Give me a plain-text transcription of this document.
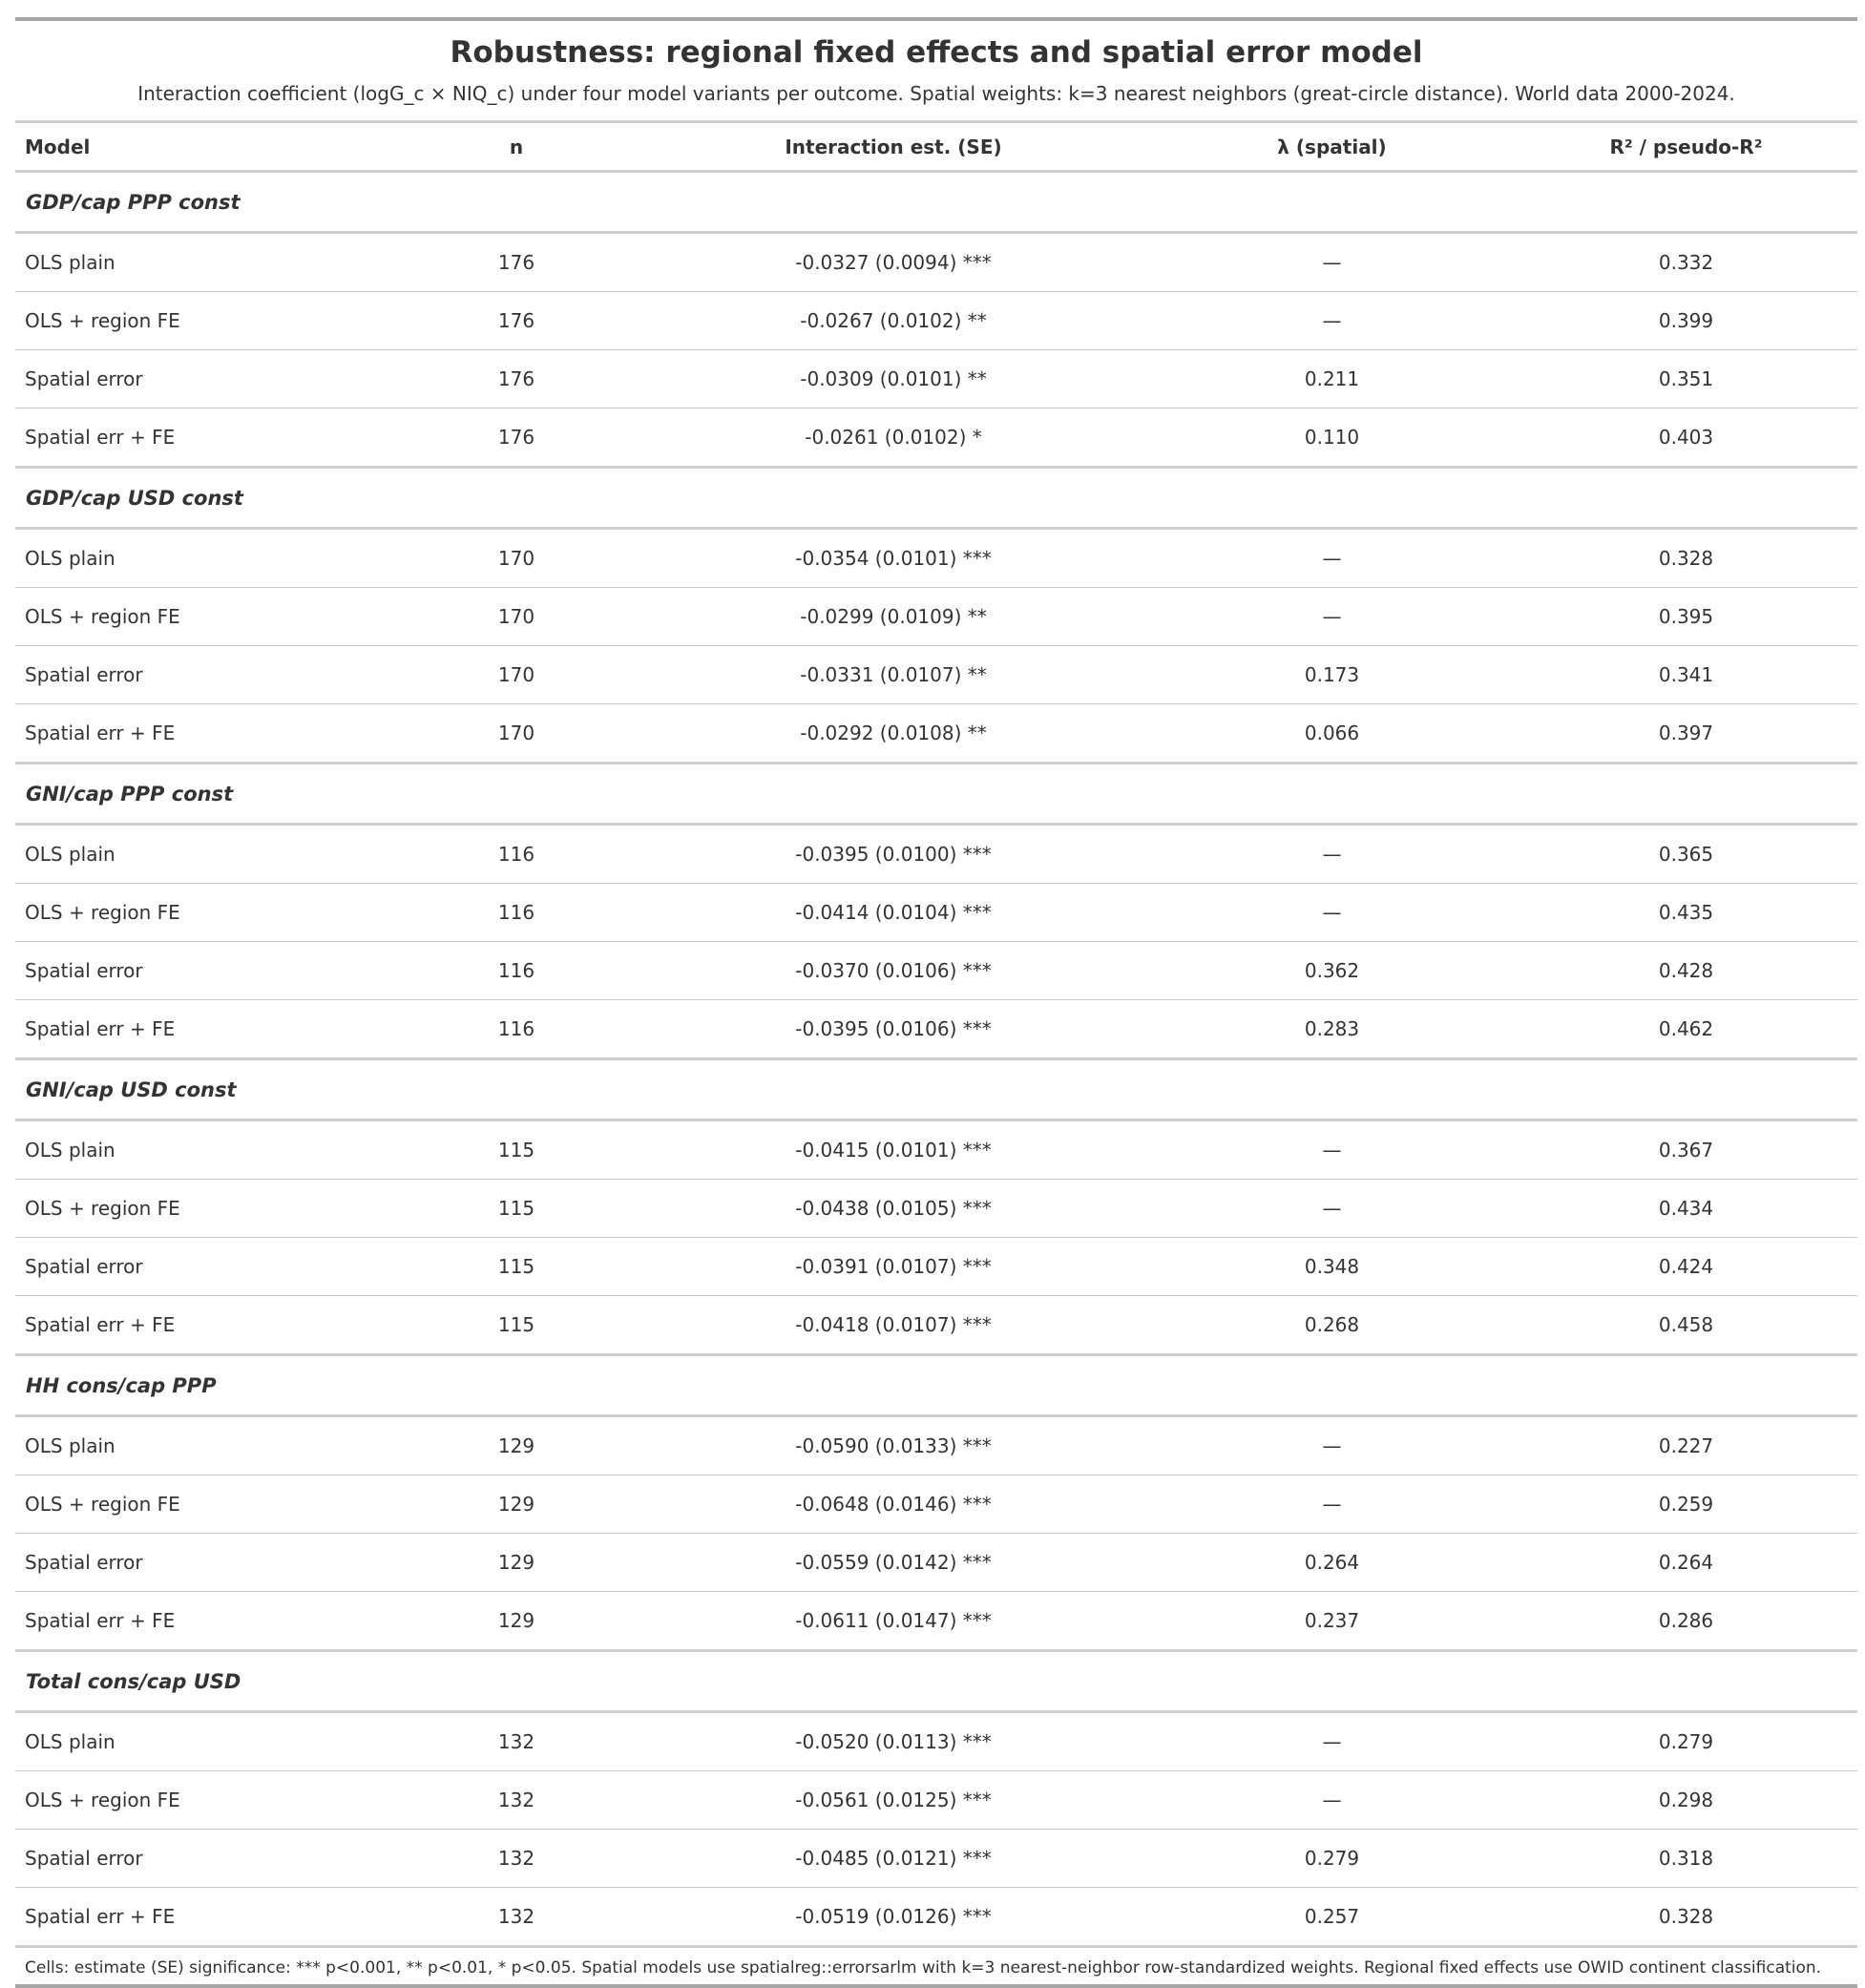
Robustness: regional fixed effects and spatial error model
Interaction coefficient (logG_c × NIQ_c) under four model variants per outcome. Spatial weights: k=3 nearest neighbors (great-circle distance). World data 2000-2024.
Model	n	Interaction est. (SE)	λ (spatial)	R² / pseudo-R²
GDP/cap PPP const				
OLS plain	176	-0.0327 (0.0094) ***	—	0.332
OLS + region FE	176	-0.0267 (0.0102) **	—	0.399
Spatial error	176	-0.0309 (0.0101) **	0.211	0.351
Spatial err + FE	176	-0.0261 (0.0102) *	0.110	0.403
GDP/cap USD const				
OLS plain	170	-0.0354 (0.0101) ***	—	0.328
OLS + region FE	170	-0.0299 (0.0109) **	—	0.395
Spatial error	170	-0.0331 (0.0107) **	0.173	0.341
Spatial err + FE	170	-0.0292 (0.0108) **	0.066	0.397
GNI/cap PPP const				
OLS plain	116	-0.0395 (0.0100) ***	—	0.365
OLS + region FE	116	-0.0414 (0.0104) ***	—	0.435
Spatial error	116	-0.0370 (0.0106) ***	0.362	0.428
Spatial err + FE	116	-0.0395 (0.0106) ***	0.283	0.462
GNI/cap USD const				
OLS plain	115	-0.0415 (0.0101) ***	—	0.367
OLS + region FE	115	-0.0438 (0.0105) ***	—	0.434
Spatial error	115	-0.0391 (0.0107) ***	0.348	0.424
Spatial err + FE	115	-0.0418 (0.0107) ***	0.268	0.458
HH cons/cap PPP				
OLS plain	129	-0.0590 (0.0133) ***	—	0.227
OLS + region FE	129	-0.0648 (0.0146) ***	—	0.259
Spatial error	129	-0.0559 (0.0142) ***	0.264	0.264
Spatial err + FE	129	-0.0611 (0.0147) ***	0.237	0.286
Total cons/cap USD				
OLS plain	132	-0.0520 (0.0113) ***	—	0.279
OLS + region FE	132	-0.0561 (0.0125) ***	—	0.298
Spatial error	132	-0.0485 (0.0121) ***	0.279	0.318
Spatial err + FE	132	-0.0519 (0.0126) ***	0.257	0.328
Cells: estimate (SE) significance: *** p<0.001, ** p<0.01, * p<0.05. Spatial models use spatialreg::errorsarlm with k=3 nearest-neighbor row-standardized weights. Regional fixed effects use OWID continent classification.
